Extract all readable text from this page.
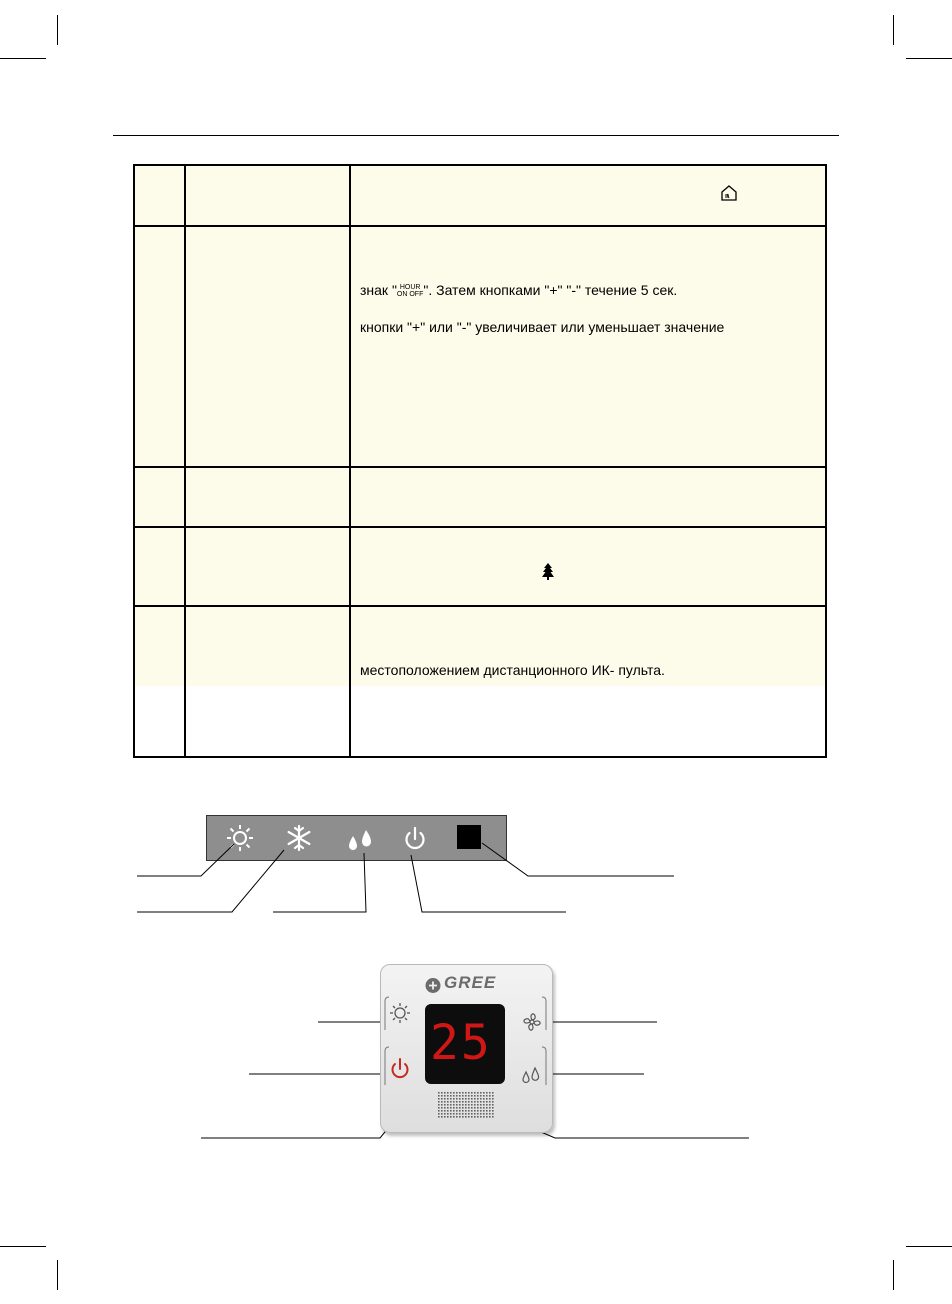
знак " HOUR
ON OFF". Затем кнопками "+" "-" течение 5 сек.
кнопки "+" или "-" увеличивает или уменьшает значение
местоположением дистанционного ИК- пульта.
GREE
25
